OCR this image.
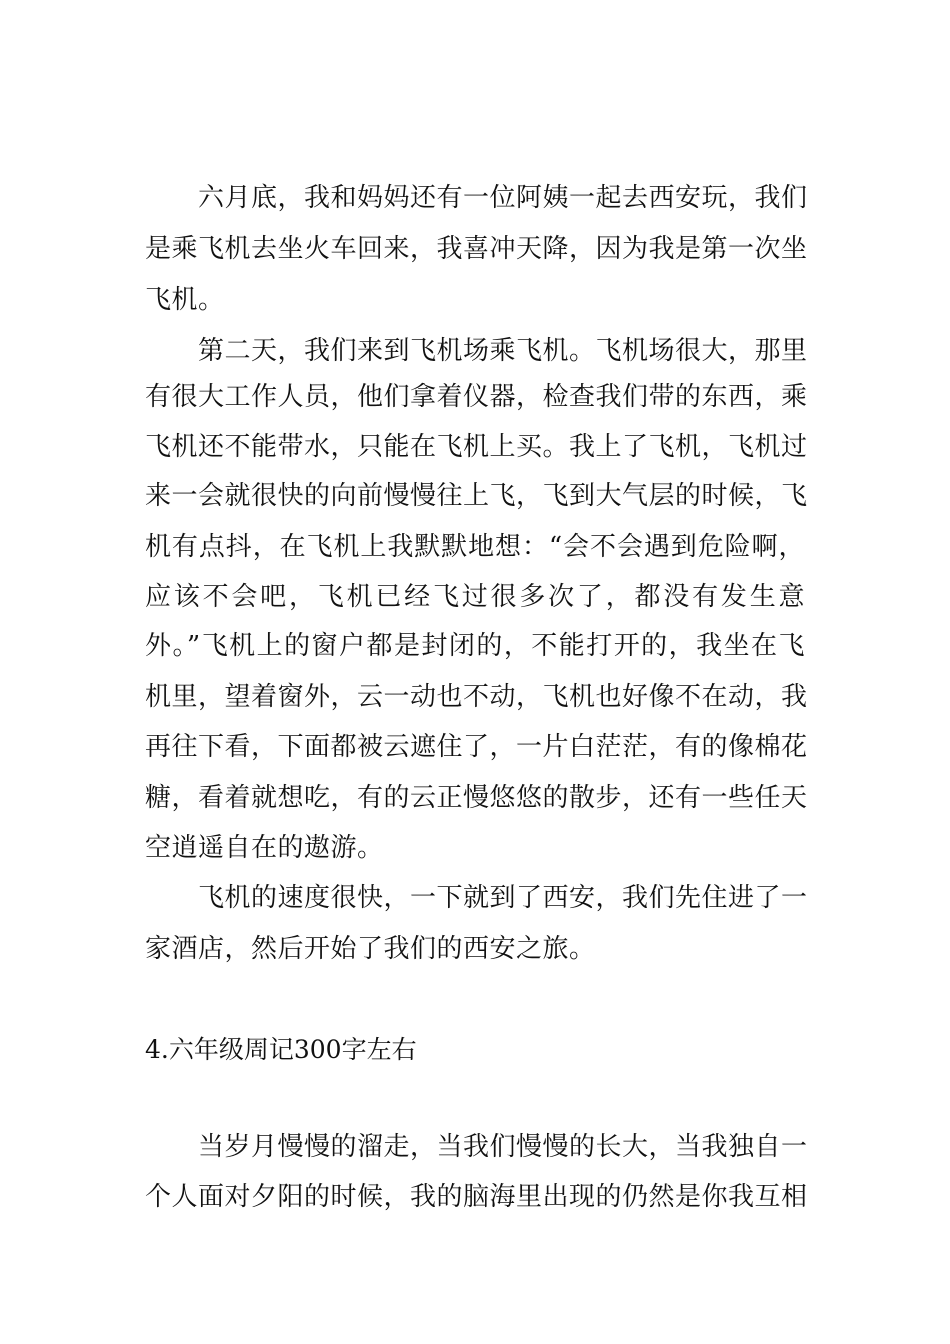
六月底，我和妈妈还有一位阿姨一起去西安玩，我们
是乘飞机去坐火车回来，我喜冲天降，因为我是第一次坐
飞机。
第二天，我们来到飞机场乘飞机。飞机场很大，那里
有很大工作人员，他们拿着仪器，检查我们带的东西，乘
飞机还不能带水，只能在飞机上买。我上了飞机，飞机过
来一会就很快的向前慢慢往上飞，飞到大气层的时候，飞
机有点抖，在飞机上我默默地想：“会不会遇到危险啊，
应该不会吧，飞机已经飞过很多次了，都没有发生意
外。”飞机上的窗户都是封闭的，不能打开的，我坐在飞
机里，望着窗外，云一动也不动，飞机也好像不在动，我
再往下看，下面都被云遮住了，一片白茫茫，有的像棉花
糖，看着就想吃，有的云正慢悠悠的散步，还有一些任天
空逍遥自在的遨游。
飞机的速度很快，一下就到了西安，我们先住进了一
家酒店，然后开始了我们的西安之旅。
4.六年级周记300字左右
当岁月慢慢的溜走，当我们慢慢的长大，当我独自一
个人面对夕阳的时候，我的脑海里出现的仍然是你我互相
